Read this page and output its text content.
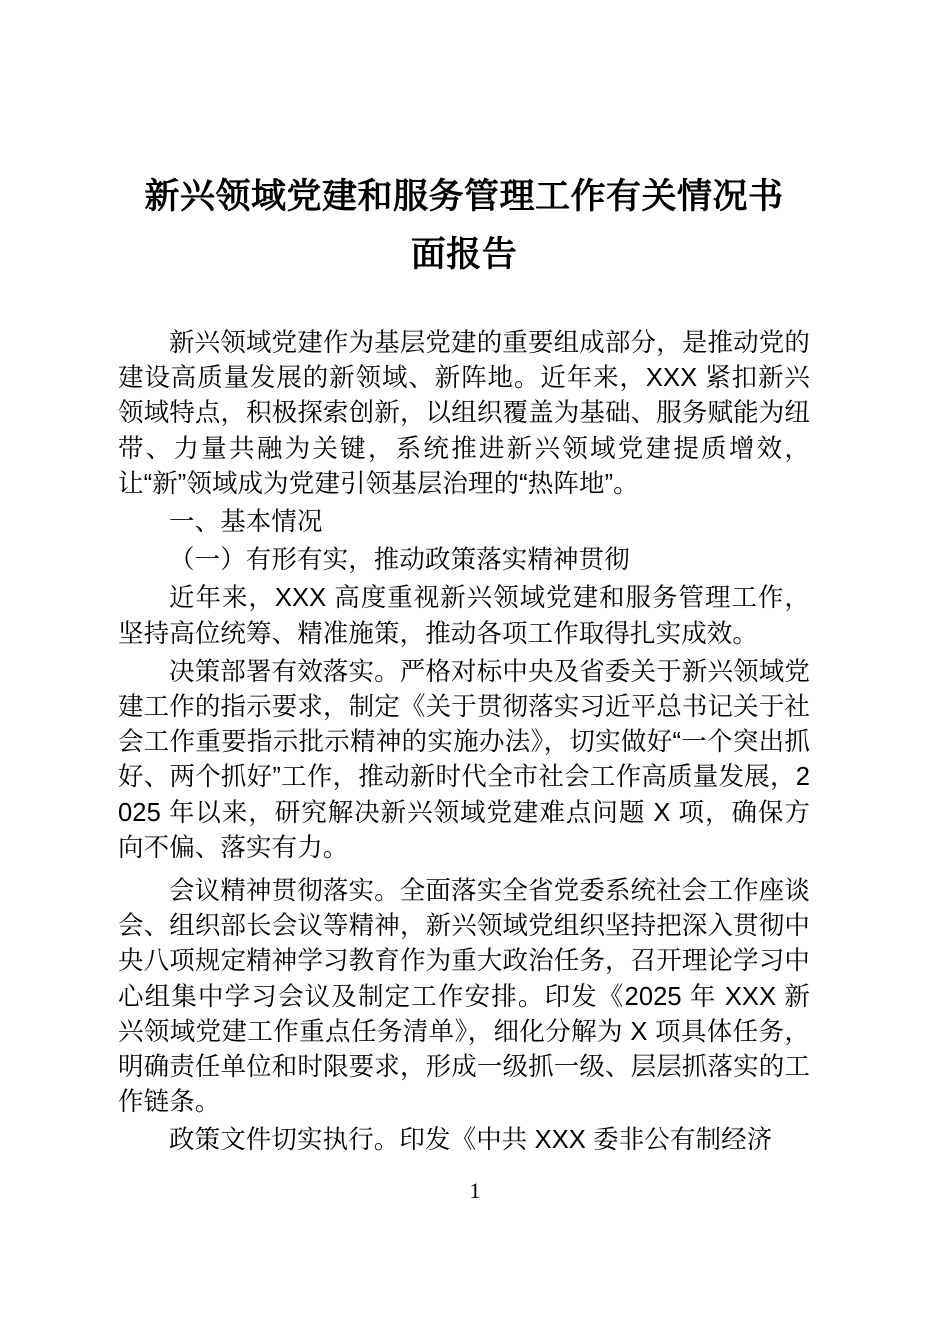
新兴领域党建和服务管理工作有关情况书
面报告

新兴领域党建作为基层党建的重要组成部分，是推动党的建设高质量发展的新领域、新阵地。近年来，XXX 紧扣新兴领域特点，积极探索创新，以组织覆盖为基础、服务赋能为纽带、力量共融为关键，系统推进新兴领域党建提质增效，让“新”领域成为党建引领基层治理的“热阵地”。

一、基本情况

（一）有形有实，推动政策落实精神贯彻

近年来，XXX 高度重视新兴领域党建和服务管理工作，坚持高位统筹、精准施策，推动各项工作取得扎实成效。

决策部署有效落实。严格对标中央及省委关于新兴领域党建工作的指示要求，制定《关于贯彻落实习近平总书记关于社会工作重要指示批示精神的实施办法》，切实做好“一个突出抓好、两个抓好”工作，推动新时代全市社会工作高质量发展，2025 年以来，研究解决新兴领域党建难点问题 X 项，确保方向不偏、落实有力。

会议精神贯彻落实。全面落实全省党委系统社会工作座谈会、组织部长会议等精神，新兴领域党组织坚持把深入贯彻中央八项规定精神学习教育作为重大政治任务，召开理论学习中心组集中学习会议及制定工作安排。印发《2025 年 XXX 新兴领域党建工作重点任务清单》，细化分解为 X 项具体任务，明确责任单位和时限要求，形成一级抓一级、层层抓落实的工作链条。

政策文件切实执行。印发《中共 XXX 委非公有制经济

1
